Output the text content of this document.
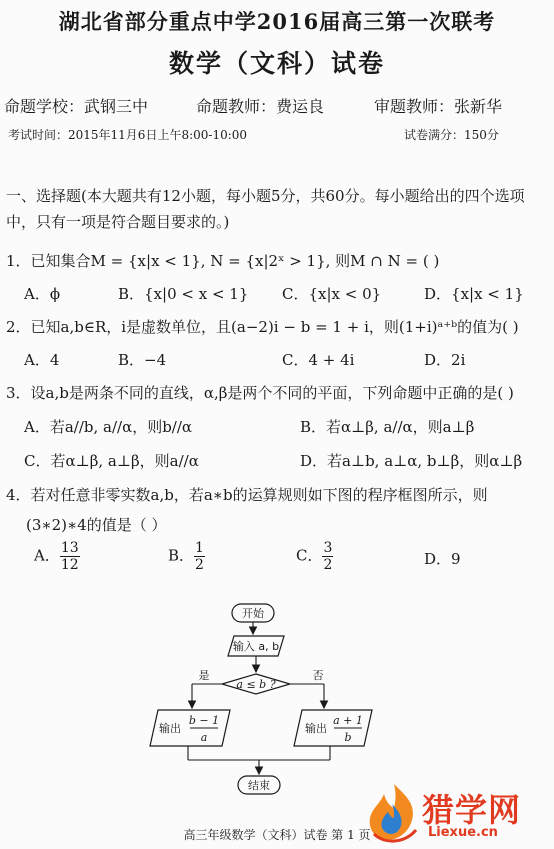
湖北省部分重点中学2016届高三第一次联考
数学（文科）试卷
命题学校：武钢三中	命题教师：费运良	审题教师：张新华
考试时间：2015年11月6日上午8:00-10:00	试卷满分：150分
一、选择题(本大题共有12小题，每小题5分，共60分。每小题给出的四个选项中，只有一项是符合题目要求的。)
1．已知集合M = {x|x < 1}, N = {x|2ˣ > 1}, 则M ∩ N = ( )
A．ϕ	B．{x|0 < x < 1} C．{x|x < 0}	D．{x|x < 1}
2．已知a,b∈R，i是虚数单位，且(a−2)i − b = 1 + i，则(1+i)ᵃ⁺ᵇ的值为( )
A．4	B．−4	C．4 + 4i	D．2i
3．设a,b是两条不同的直线，α,β是两个不同的平面，下列命题中正确的是( )
A．若a//b, a//α，则b//α	B．若α⊥β, a//α，则a⊥β
C．若α⊥β, a⊥β，则a//α	D．若a⊥b, a⊥α, b⊥β，则α⊥β
4．若对任意非零实数a,b，若a∗b的运算规则如下图的程序框图所示，则
(3∗2)∗4的值是（ ）
A． $\frac{13}{12}$	B． $\frac{1}{2}$	C． $\frac{3}{2}$	D．9
开始
输入 a, b
a ≤ b ?
是	否
输出
b − 1
a
输出
a + 1
b
结束
高三年级数学（文科）试卷 第 1 页
猎学网
Liexue.cn
